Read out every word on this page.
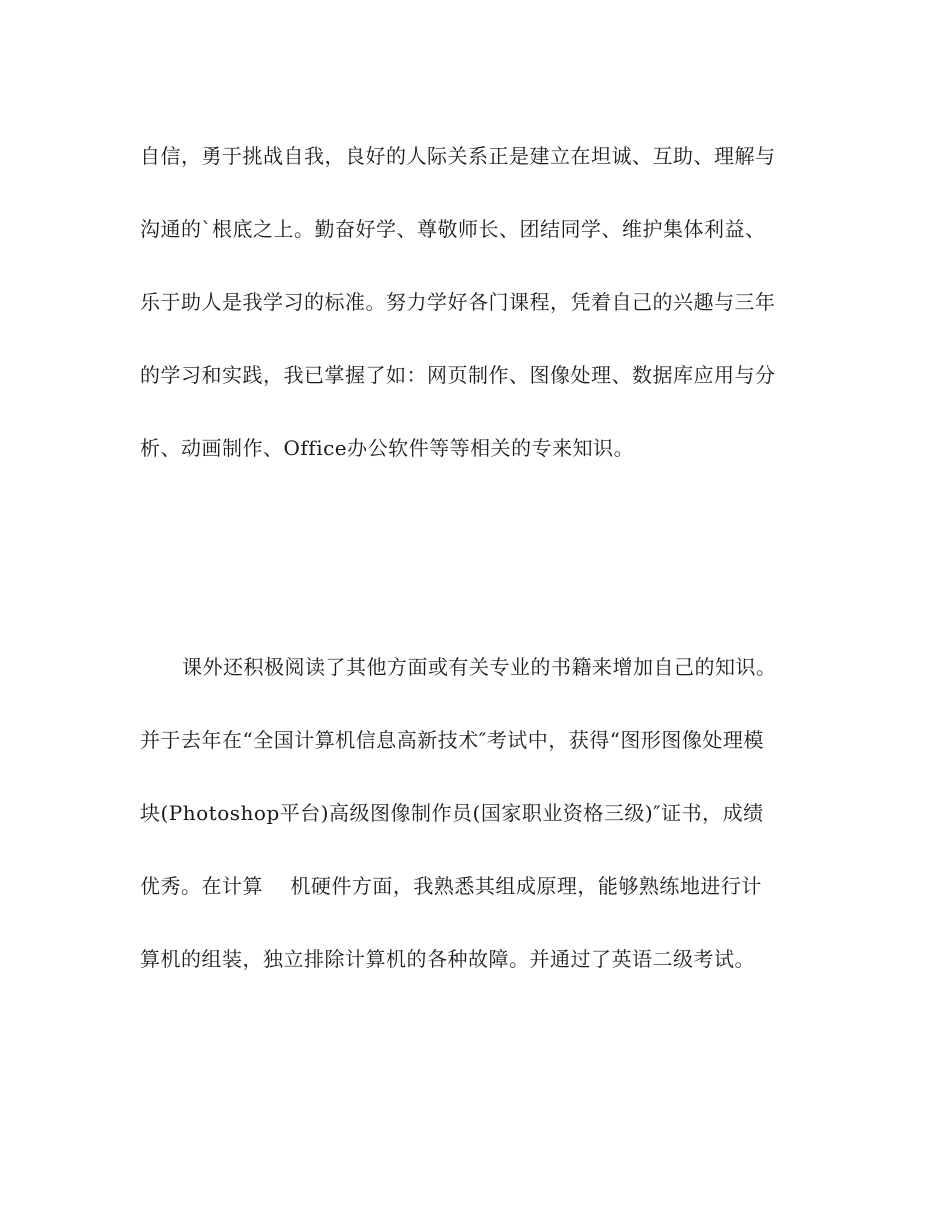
自信，勇于挑战自我，良好的人际关系正是建立在坦诚、互助、理解与
沟通的`根底之上。勤奋好学、尊敬师长、团结同学、维护集体利益、
乐于助人是我学习的标准。努力学好各门课程，凭着自己的兴趣与三年
的学习和实践，我已掌握了如：网页制作、图像处理、数据库应用与分
析、动画制作、Office办公软件等等相关的专来知识。
课外还积极阅读了其他方面或有关专业的书籍来增加自己的知识。
并于去年在“全国计算机信息高新技术″考试中，获得“图形图像处理模
块(Photoshop平台)高级图像制作员(国家职业资格三级)″证书，成绩
优秀。在计算    机硬件方面，我熟悉其组成原理，能够熟练地进行计
算机的组装，独立排除计算机的各种故障。并通过了英语二级考试。
